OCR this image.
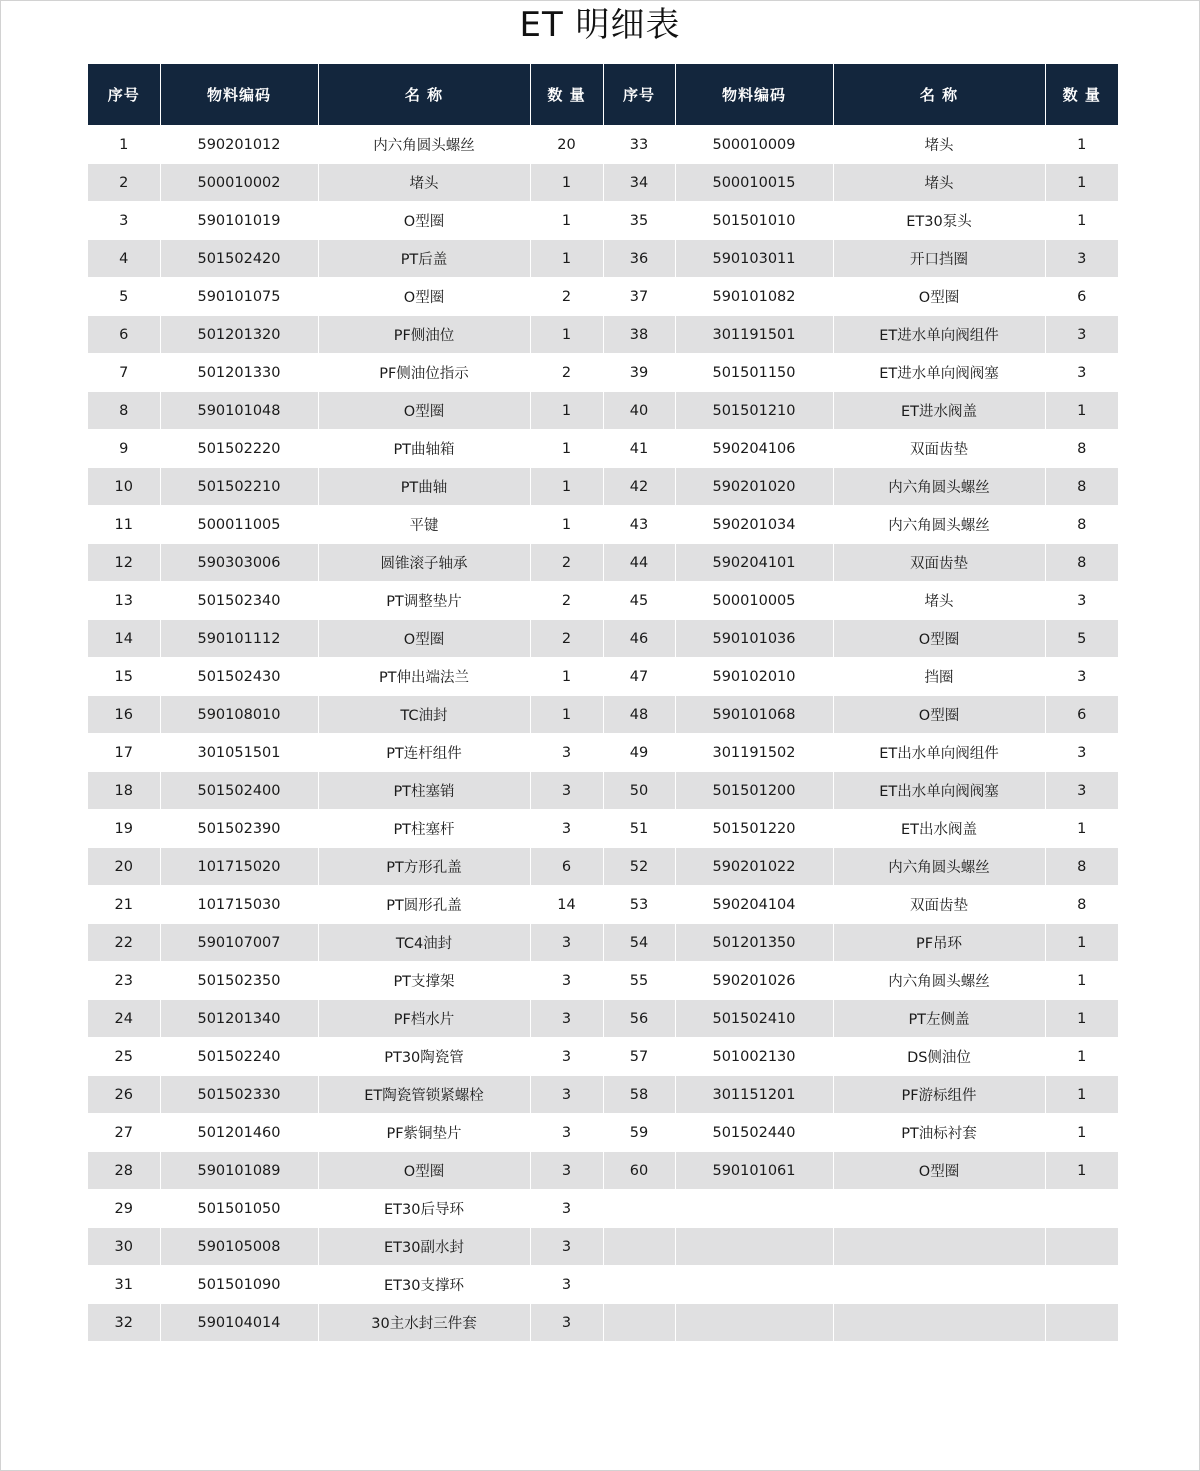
ET 明细表
序号	物料编码	名 称	数 量	序号	物料编码	名 称	数 量
1	590201012	内六角圆头螺丝	20	33	500010009	堵头	1
2	500010002	堵头	1	34	500010015	堵头	1
3	590101019	O型圈	1	35	501501010	ET30泵头	1
4	501502420	PT后盖	1	36	590103011	开口挡圈	3
5	590101075	O型圈	2	37	590101082	O型圈	6
6	501201320	PF侧油位	1	38	301191501	ET进水单向阀组件	3
7	501201330	PF侧油位指示	2	39	501501150	ET进水单向阀阀塞	3
8	590101048	O型圈	1	40	501501210	ET进水阀盖	1
9	501502220	PT曲轴箱	1	41	590204106	双面齿垫	8
10	501502210	PT曲轴	1	42	590201020	内六角圆头螺丝	8
11	500011005	平键	1	43	590201034	内六角圆头螺丝	8
12	590303006	圆锥滚子轴承	2	44	590204101	双面齿垫	8
13	501502340	PT调整垫片	2	45	500010005	堵头	3
14	590101112	O型圈	2	46	590101036	O型圈	5
15	501502430	PT伸出端法兰	1	47	590102010	挡圈	3
16	590108010	TC油封	1	48	590101068	O型圈	6
17	301051501	PT连杆组件	3	49	301191502	ET出水单向阀组件	3
18	501502400	PT柱塞销	3	50	501501200	ET出水单向阀阀塞	3
19	501502390	PT柱塞杆	3	51	501501220	ET出水阀盖	1
20	101715020	PT方形孔盖	6	52	590201022	内六角圆头螺丝	8
21	101715030	PT圆形孔盖	14	53	590204104	双面齿垫	8
22	590107007	TC4油封	3	54	501201350	PF吊环	1
23	501502350	PT支撑架	3	55	590201026	内六角圆头螺丝	1
24	501201340	PF档水片	3	56	501502410	PT左侧盖	1
25	501502240	PT30陶瓷管	3	57	501002130	DS侧油位	1
26	501502330	ET陶瓷管锁紧螺栓	3	58	301151201	PF游标组件	1
27	501201460	PF紫铜垫片	3	59	501502440	PT油标衬套	1
28	590101089	O型圈	3	60	590101061	O型圈	1
29	501501050	ET30后导环	3				
30	590105008	ET30副水封	3				
31	501501090	ET30支撑环	3				
32	590104014	30主水封三件套	3				
